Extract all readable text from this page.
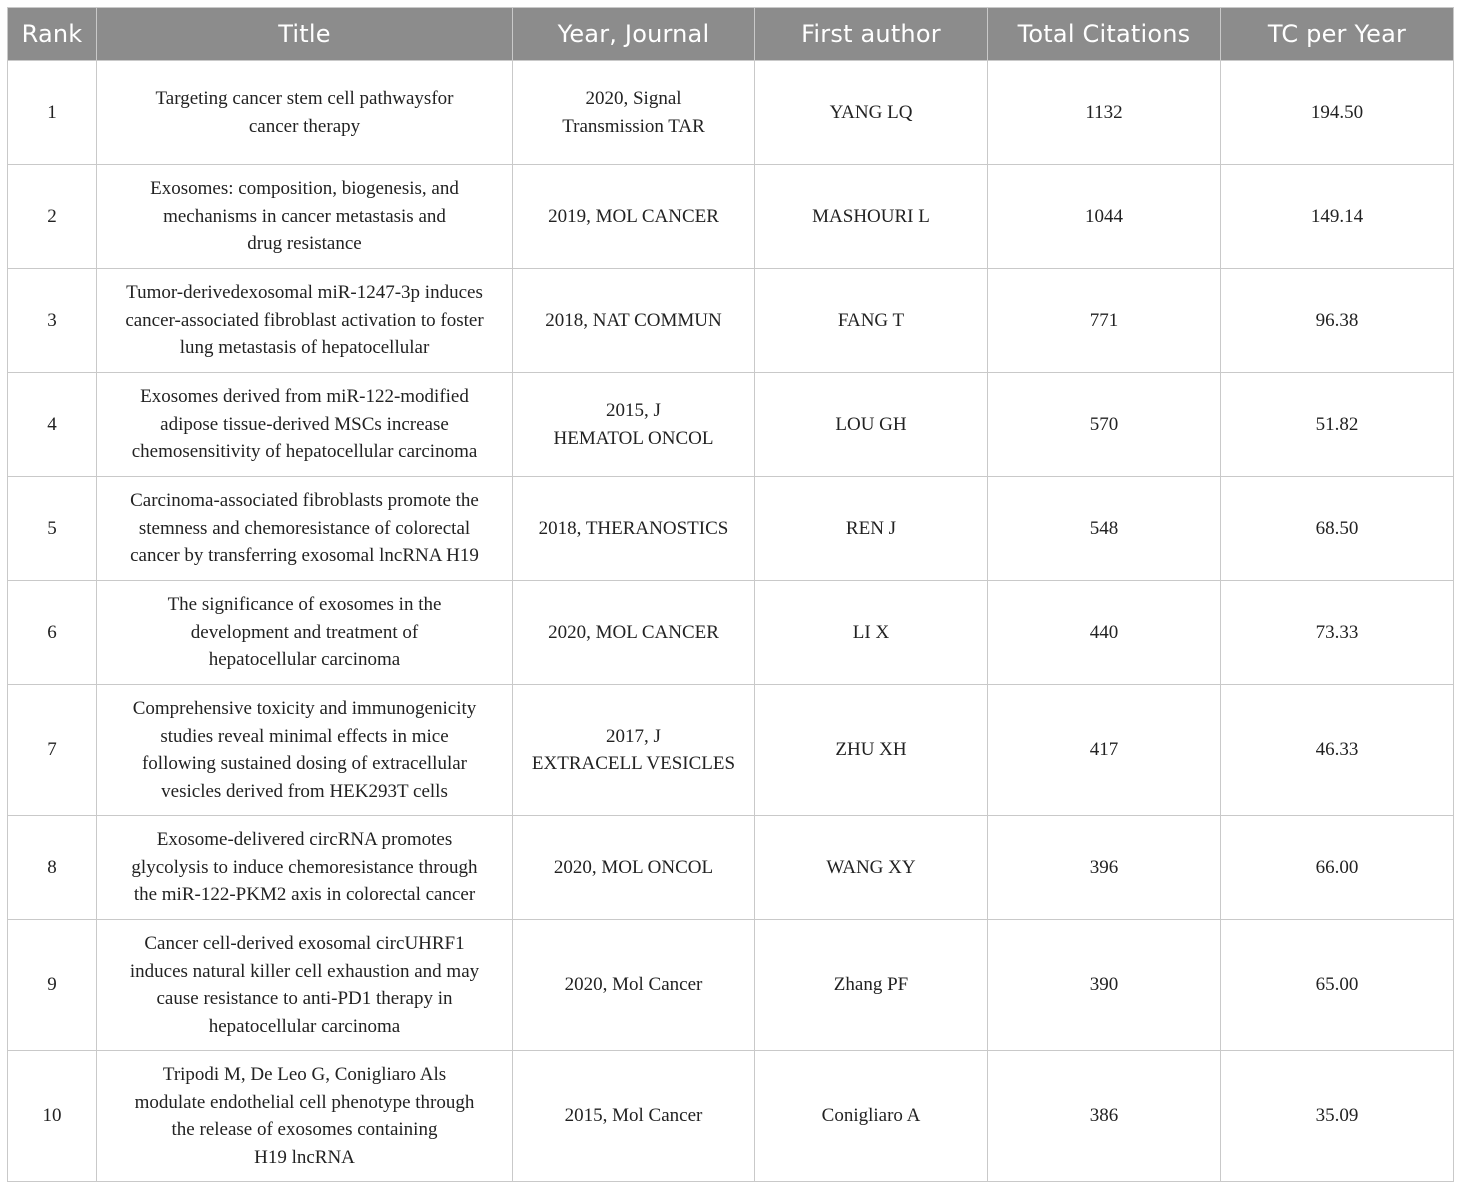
Rank	Title	Year, Journal	First author	Total Citations	TC per Year
1	Targeting cancer stem cell pathwaysfor
cancer therapy	2020, Signal
Transmission TAR	YANG LQ	1132	194.50
2	Exosomes: composition, biogenesis, and
mechanisms in cancer metastasis and
drug resistance	2019, MOL CANCER	MASHOURI L	1044	149.14
3	Tumor-derivedexosomal miR-1247-3p induces
cancer-associated fibroblast activation to foster
lung metastasis of hepatocellular	2018, NAT COMMUN	FANG T	771	96.38
4	Exosomes derived from miR-122-modified
adipose tissue-derived MSCs increase
chemosensitivity of hepatocellular carcinoma	2015, J
HEMATOL ONCOL	LOU GH	570	51.82
5	Carcinoma-associated fibroblasts promote the
stemness and chemoresistance of colorectal
cancer by transferring exosomal lncRNA H19	2018, THERANOSTICS	REN J	548	68.50
6	The significance of exosomes in the
development and treatment of
hepatocellular carcinoma	2020, MOL CANCER	LI X	440	73.33
7	Comprehensive toxicity and immunogenicity
studies reveal minimal effects in mice
following sustained dosing of extracellular
vesicles derived from HEK293T cells	2017, J
EXTRACELL VESICLES	ZHU XH	417	46.33
8	Exosome-delivered circRNA promotes
glycolysis to induce chemoresistance through
the miR-122-PKM2 axis in colorectal cancer	2020, MOL ONCOL	WANG XY	396	66.00
9	Cancer cell-derived exosomal circUHRF1
induces natural killer cell exhaustion and may
cause resistance to anti-PD1 therapy in
hepatocellular carcinoma	2020, Mol Cancer	Zhang PF	390	65.00
10	Tripodi M, De Leo G, Conigliaro Als
modulate endothelial cell phenotype through
the release of exosomes containing
H19 lncRNA	2015, Mol Cancer	Conigliaro A	386	35.09
